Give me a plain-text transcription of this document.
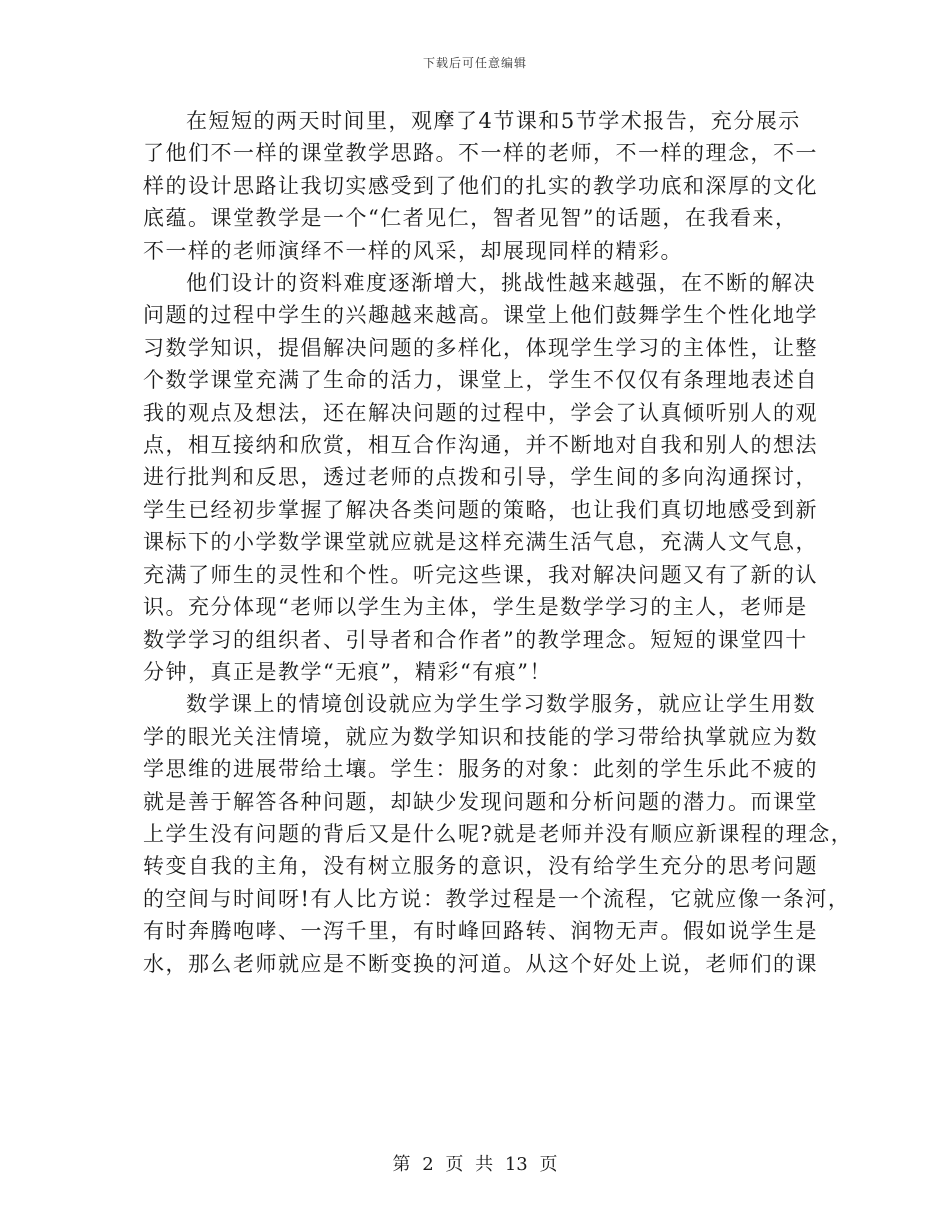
下载后可任意编辑
在短短的两天时间里，观摩了4节课和5节学术报告，充分展示
了他们不一样的课堂教学思路。不一样的老师，不一样的理念，不一
样的设计思路让我切实感受到了他们的扎实的教学功底和深厚的文化
底蕴。课堂教学是一个“仁者见仁，智者见智”的话题，在我看来，
不一样的老师演绎不一样的风采，却展现同样的精彩。
他们设计的资料难度逐渐增大，挑战性越来越强，在不断的解决
问题的过程中学生的兴趣越来越高。课堂上他们鼓舞学生个性化地学
习数学知识，提倡解决问题的多样化，体现学生学习的主体性，让整
个数学课堂充满了生命的活力，课堂上，学生不仅仅有条理地表述自
我的观点及想法，还在解决问题的过程中，学会了认真倾听别人的观
点，相互接纳和欣赏，相互合作沟通，并不断地对自我和别人的想法
进行批判和反思，透过老师的点拨和引导，学生间的多向沟通探讨，
学生已经初步掌握了解决各类问题的策略，也让我们真切地感受到新
课标下的小学数学课堂就应就是这样充满生活气息，充满人文气息，
充满了师生的灵性和个性。听完这些课，我对解决问题又有了新的认
识。充分体现“老师以学生为主体，学生是数学学习的主人，老师是
数学学习的组织者、引导者和合作者”的教学理念。短短的课堂四十
分钟，真正是教学“无痕”，精彩“有痕”！
数学课上的情境创设就应为学生学习数学服务，就应让学生用数
学的眼光关注情境，就应为数学知识和技能的学习带给执掌就应为数
学思维的进展带给土壤。学生：服务的对象：此刻的学生乐此不疲的
就是善于解答各种问题，却缺少发现问题和分析问题的潜力。而课堂
上学生没有问题的背后又是什么呢?就是老师并没有顺应新课程的理念，
转变自我的主角，没有树立服务的意识，没有给学生充分的思考问题
的空间与时间呀!有人比方说：教学过程是一个流程，它就应像一条河，
有时奔腾咆哮、一泻千里，有时峰回路转、润物无声。假如说学生是
水，那么老师就应是不断变换的河道。从这个好处上说，老师们的课
第 2 页 共 13 页
